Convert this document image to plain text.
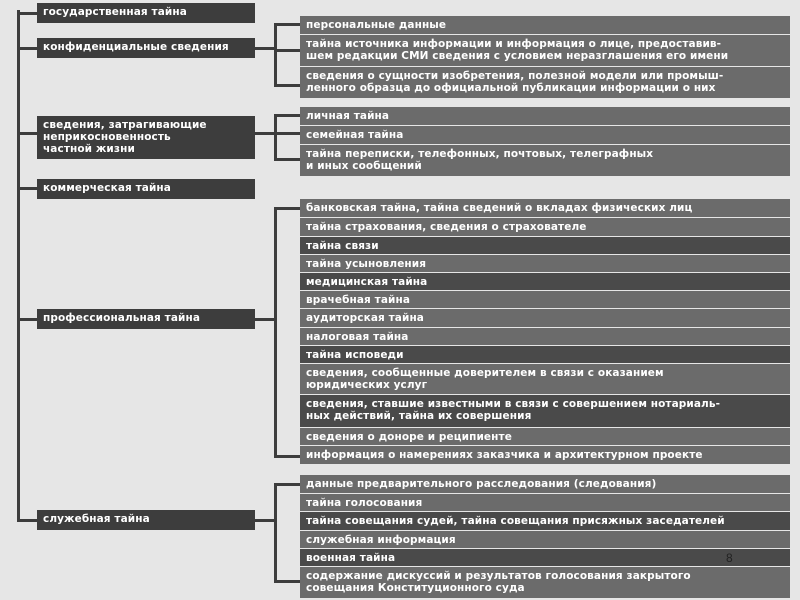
государственная тайна
конфиденциальные сведения
сведения, затрагивающие
неприкосновенность
частной жизни
коммерческая тайна
профессиональная тайна
служебная тайна
персональные данные
тайна источника информации и информация о лице, предоставив-
шем редакции СМИ сведения с условием неразглашения его имени
сведения о сущности изобретения, полезной модели или промыш-
ленного образца до официальной публикации информации о них
личная тайна
семейная тайна
тайна переписки, телефонных, почтовых, телеграфных
и иных сообщений
банковская тайна, тайна сведений о вкладах физических лиц
тайна страхования, сведения о страхователе
тайна связи
тайна усыновления
медицинская тайна
врачебная тайна
аудиторская тайна
налоговая тайна
тайна исповеди
сведения, сообщенные доверителем в связи с оказанием
юридических услуг
сведения, ставшие известными в связи с совершением нотариаль-
ных действий, тайна их совершения
сведения о доноре и реципиенте
информация о намерениях заказчика и архитектурном проекте
данные предварительного расследования (следования)
тайна голосования
тайна совещания судей, тайна совещания присяжных заседателей
служебная информация
военная тайна
содержание дискуссий и результатов голосования закрытого
совещания Конституционного суда
8
